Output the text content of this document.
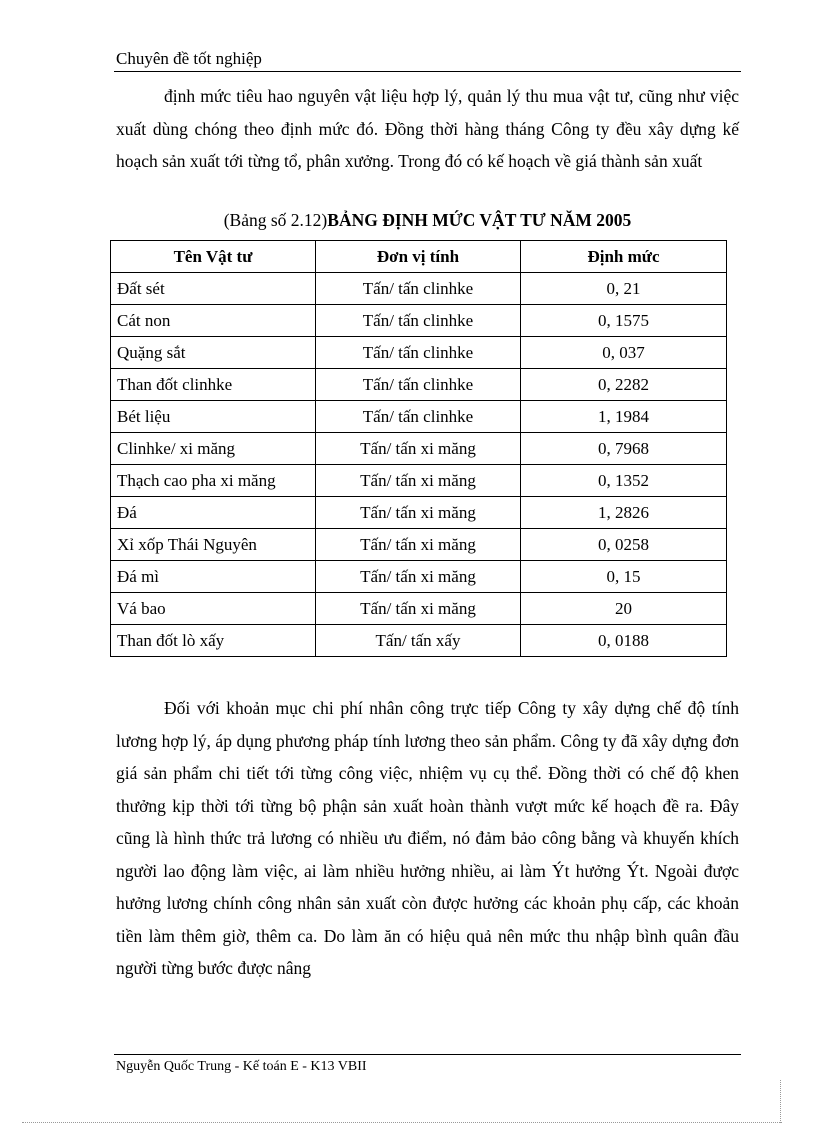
Chuyên đề tốt nghiệp
định mức tiêu hao nguyên vật liệu hợp lý, quản lý thu mua vật tư, cũng như việc xuất dùng chóng theo định mức đó. Đồng thời hàng tháng Công ty đều xây dựng kế hoạch sản xuất tới từng tổ, phân xưởng. Trong đó có kế hoạch về giá thành sản xuất
(Bảng số 2.12)BẢNG ĐỊNH MỨC VẬT TƯ NĂM 2005
Tên Vật tư	Đơn vị tính	Định mức
Đất sét	Tấn/ tấn clinhke	0, 21
Cát non	Tấn/ tấn clinhke	0, 1575
Quặng sắt	Tấn/ tấn clinhke	0, 037
Than đốt clinhke	Tấn/ tấn clinhke	0, 2282
Bét liệu	Tấn/ tấn clinhke	1, 1984
Clinhke/ xi măng	Tấn/ tấn xi măng	0, 7968
Thạch cao pha xi măng	Tấn/ tấn xi măng	0, 1352
Đá	Tấn/ tấn xi măng	1, 2826
Xỉ xốp Thái Nguyên	Tấn/ tấn xi măng	0, 0258
Đá mì	Tấn/ tấn xi măng	0, 15
Vá bao	Tấn/ tấn xi măng	20
Than đốt lò xấy	Tấn/ tấn xấy	0, 0188
Đối với khoản mục chi phí nhân công trực tiếp Công ty xây dựng chế độ tính lương hợp lý, áp dụng phương pháp tính lương theo sản phẩm. Công ty đã xây dựng đơn giá sản phẩm chi tiết tới từng công việc, nhiệm vụ cụ thể. Đồng thời có chế độ khen thưởng kịp thời tới từng bộ phận sản xuất hoàn thành vượt mức kế hoạch đề ra. Đây cũng là hình thức trả lương có nhiều ưu điểm, nó đảm bảo công bằng và khuyến khích người lao động làm việc, ai làm nhiều hưởng nhiều, ai làm Ýt hưởng Ýt. Ngoài được hưởng lương chính công nhân sản xuất còn được hưởng các khoản phụ cấp, các khoản tiền làm thêm giờ, thêm ca. Do làm ăn có hiệu quả nên mức thu nhập bình quân đầu người từng bước được nâng
Nguyễn Quốc Trung - Kế toán E - K13 VBII
